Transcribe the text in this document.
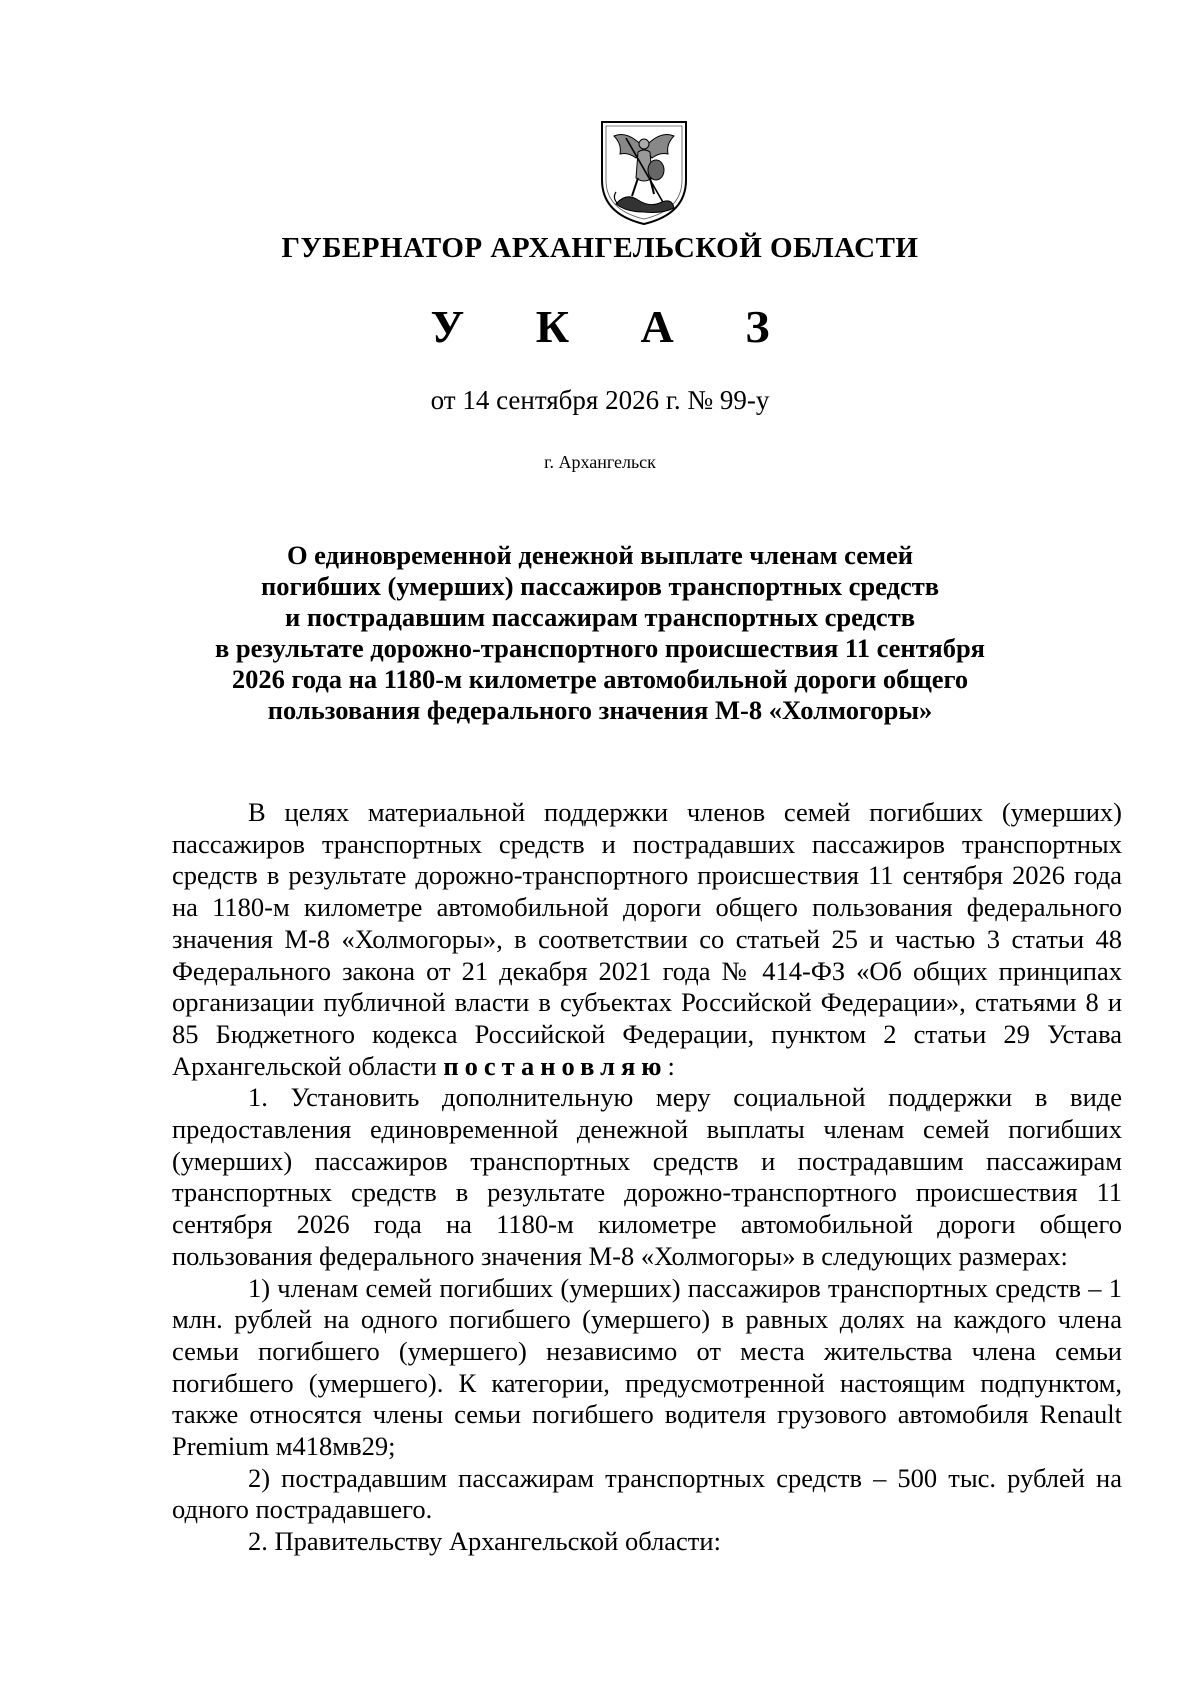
ГУБЕРНАТОР АРХАНГЕЛЬСКОЙ ОБЛАСТИ
У К А З
от 14 сентября 2026 г. № 99-у
г. Архангельск
О единовременной денежной выплате членам семей
погибших (умерших) пассажиров транспортных средств
и пострадавшим пассажирам транспортных средств
в результате дорожно-транспортного происшествия 11 сентября
2026 года на 1180-м километре автомобильной дороги общего
пользования федерального значения М-8 «Холмогоры»

В целях материальной поддержки членов семей погибших (умерших) пассажиров транспортных средств и пострадавших пассажиров транспортных средств в результате дорожно-транспортного происшествия 11 сентября 2026 года на 1180-м километре автомобильной дороги общего пользования федерального значения М-8 «Холмогоры», в соответствии со статьей 25 и частью 3 статьи 48 Федерального закона от 21 декабря 2021 года № 414-ФЗ «Об общих принципах организации публичной власти в субъектах Российской Федерации», статьями 8 и 85 Бюджетного кодекса Российской Федерации, пунктом 2 статьи 29 Устава Архангельской области постановляю:

1. Установить дополнительную меру социальной поддержки в виде предоставления единовременной денежной выплаты членам семей погибших (умерших) пассажиров транспортных средств и пострадавшим пассажирам транспортных средств в результате дорожно-транспортного происшествия 11 сентября 2026 года на 1180-м километре автомобильной дороги общего пользования федерального значения М-8 «Холмогоры» в следующих размерах:

1) членам семей погибших (умерших) пассажиров транспортных средств – 1 млн. рублей на одного погибшего (умершего) в равных долях на каждого члена семьи погибшего (умершего) независимо от места жительства члена семьи погибшего (умершего). К категории, предусмотренной настоящим подпунктом, также относятся члены семьи погибшего водителя грузового автомобиля Renault Premium м418мв29;

2) пострадавшим пассажирам транспортных средств – 500 тыс. рублей на одного пострадавшего.

2. Правительству Архангельской области:
